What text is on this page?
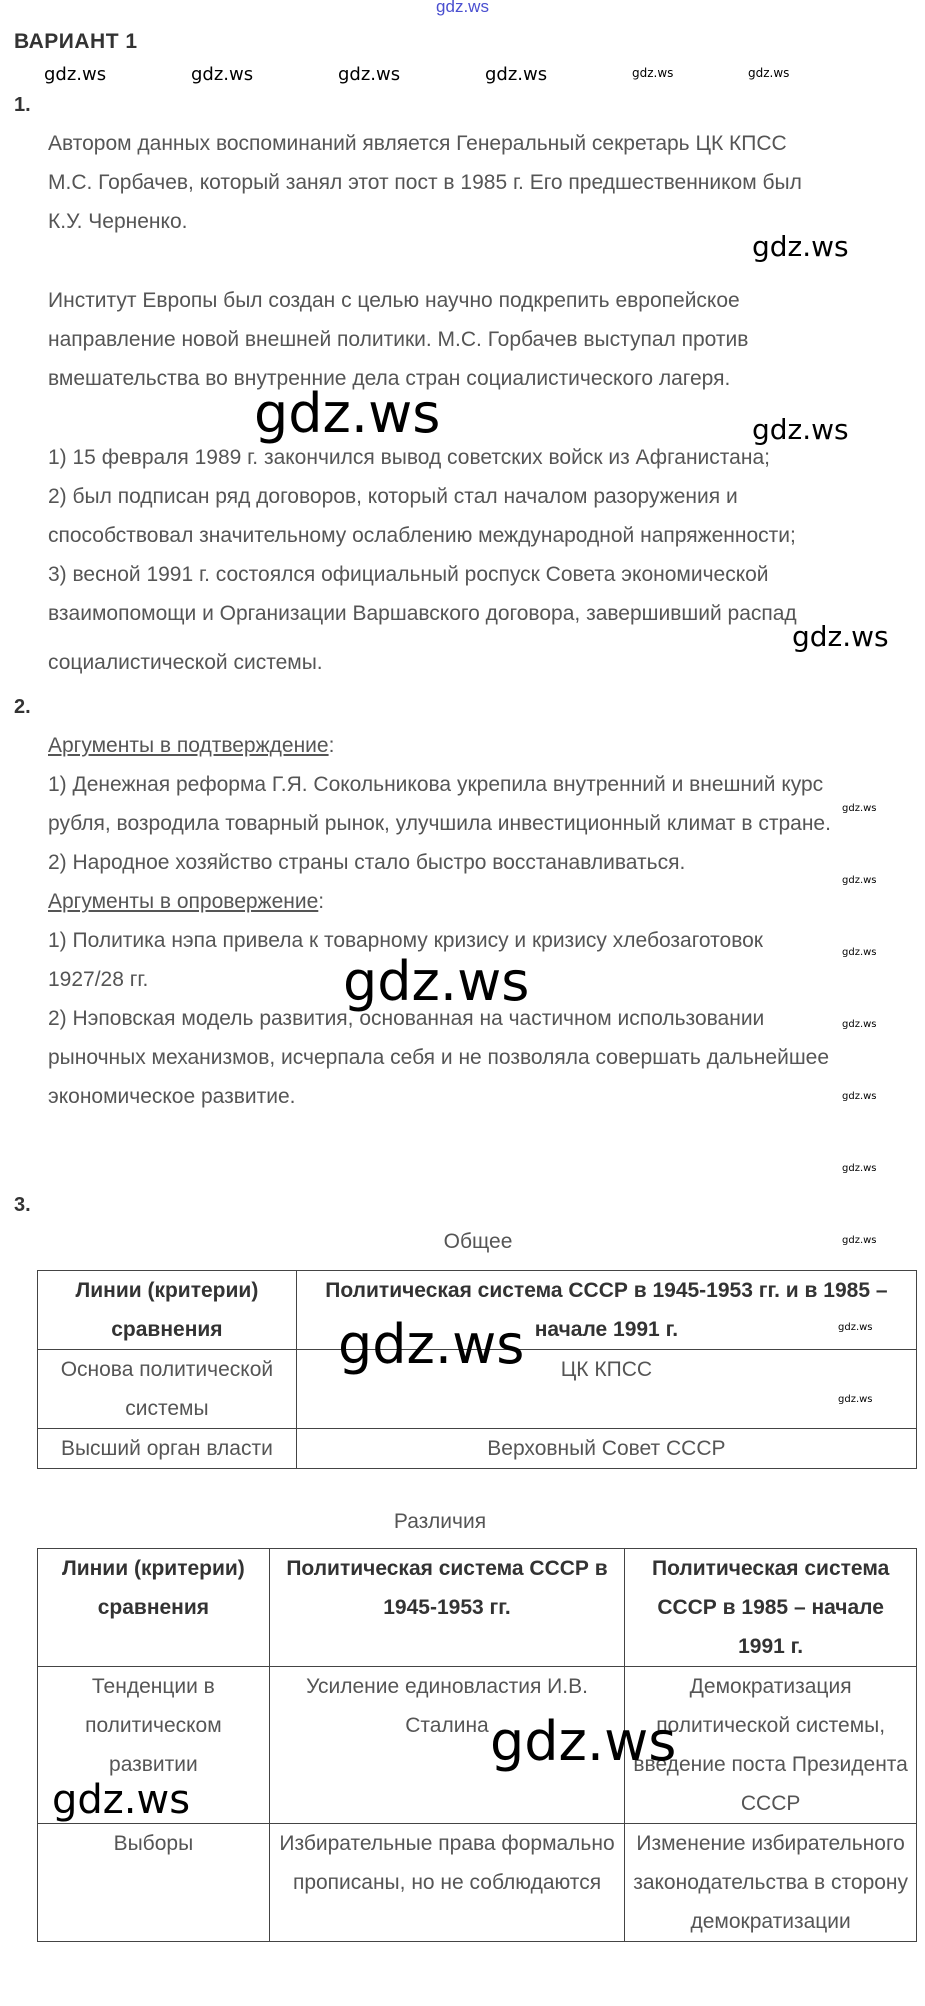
gdz.ws
ВАРИАНТ 1
gdz.ws	gdz.ws	gdz.ws	gdz.ws	gdz.ws	gdz.ws
1.
Автором данных воспоминаний является Генеральный секретарь ЦК КПСС
М.С. Горбачев, который занял этот пост в 1985 г. Его предшественником был
К.У. Черненко.
gdz.ws
Институт Европы был создан с целью научно подкрепить европейское
направление новой внешней политики. М.С. Горбачев выступал против
вмешательства во внутренние дела стран социалистического лагеря.
gdz.ws	gdz.ws
1) 15 февраля 1989 г. закончился вывод советских войск из Афганистана;
2) был подписан ряд договоров, который стал началом разоружения и
способствовал значительному ослаблению международной напряженности;
3) весной 1991 г. состоялся официальный роспуск Совета экономической
взаимопомощи и Организации Варшавского договора, завершивший распад
gdz.ws
социалистической системы.
2.
Аргументы в подтверждение:
1) Денежная реформа Г.Я. Сокольникова укрепила внутренний и внешний курс
рубля, возродила товарный рынок, улучшила инвестиционный климат в стране.
2) Народное хозяйство страны стало быстро восстанавливаться.
Аргументы в опровержение:
1) Политика нэпа привела к товарному кризису и кризису хлебозаготовок
1927/28 гг.	gdz.ws
2) Нэповская модель развития, основанная на частичном использовании
рыночных механизмов, исчерпала себя и не позволяла совершать дальнейшее
экономическое развитие.
gdz.ws
gdz.ws
gdz.ws
gdz.ws
gdz.ws
gdz.ws
gdz.ws
3.
Общее
Линии (критерии) сравнения	Политическая система СССР в 1945-1953 гг. и в 1985 – начале 1991 г.
Основа политической системы	ЦК КПСС
Высший орган власти	Верховный Совет СССР
gdz.ws	gdz.ws
gdz.ws
Различия
Линии (критерии) сравнения	Политическая система СССР в 1945-1953 гг.	Политическая система СССР в 1985 – начале 1991 г.
Тенденции в политическом развитии	Усиление единовластия И.В. Сталина	Демократизация политической системы, введение поста Президента СССР
Выборы	Избирательные права формально прописаны, но не соблюдаются	Изменение избирательного законодательства в сторону демократизации
gdz.ws
gdz.ws
